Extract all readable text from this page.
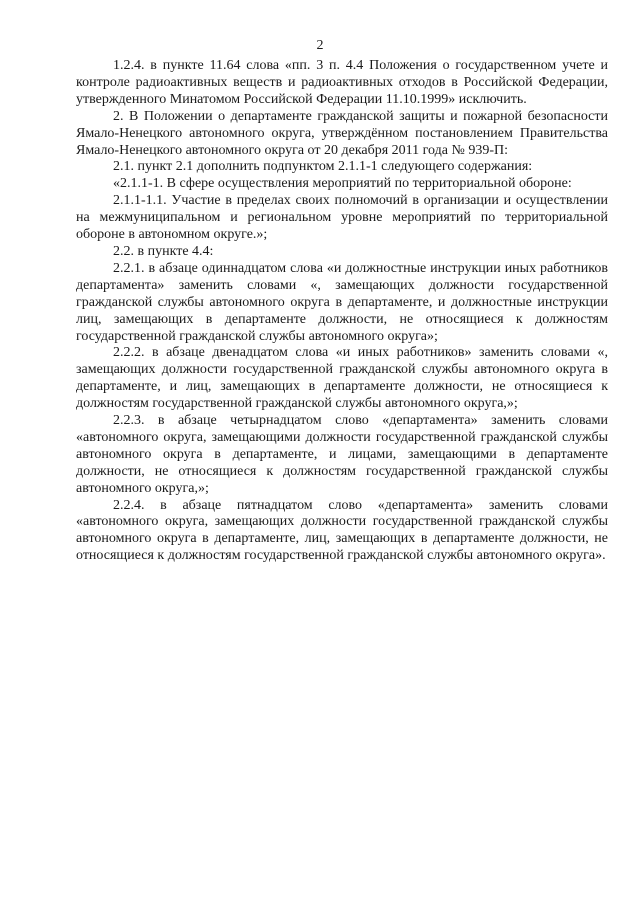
2

1.2.4. в пункте 11.64 слова «пп. 3 п. 4.4 Положения о государственном учете и контроле радиоактивных веществ и радиоактивных отходов в Российской Федерации, утвержденного Минатомом Российской Федерации 11.10.1999» исключить.

2. В Положении о департаменте гражданской защиты и пожарной безопасности Ямало-Ненецкого автономного округа, утверждённом постановлением Правительства Ямало-Ненецкого автономного округа от 20 декабря 2011 года № 939-П:

2.1. пункт 2.1 дополнить подпунктом 2.1.1-1 следующего содержания:

«2.1.1-1. В сфере осуществления мероприятий по территориальной обороне:

2.1.1-1.1. Участие в пределах своих полномочий в организации и осуществлении на межмуниципальном и региональном уровне мероприятий по территориальной обороне в автономном округе.»;

2.2. в пункте 4.4:

2.2.1. в абзаце одиннадцатом слова «и должностные инструкции иных работников департамента» заменить словами «, замещающих должности государственной гражданской службы автономного округа в департаменте, и должностные инструкции лиц, замещающих в департаменте должности, не относящиеся к должностям государственной гражданской службы автономного округа»;

2.2.2. в абзаце двенадцатом слова «и иных работников» заменить словами «, замещающих должности государственной гражданской службы автономного округа в департаменте, и лиц, замещающих в департаменте должности, не относящиеся к должностям государственной гражданской службы автономного округа,»;

2.2.3. в абзаце четырнадцатом слово «департамента» заменить словами «автономного округа, замещающими должности государственной гражданской службы автономного округа в департаменте, и лицами, замещающими в департаменте должности, не относящиеся к должностям государственной гражданской службы автономного округа,»;

2.2.4. в абзаце пятнадцатом слово «департамента» заменить словами «автономного округа, замещающих должности государственной гражданской службы автономного округа в департаменте, лиц, замещающих в департаменте должности, не относящиеся к должностям государственной гражданской службы автономного округа».
